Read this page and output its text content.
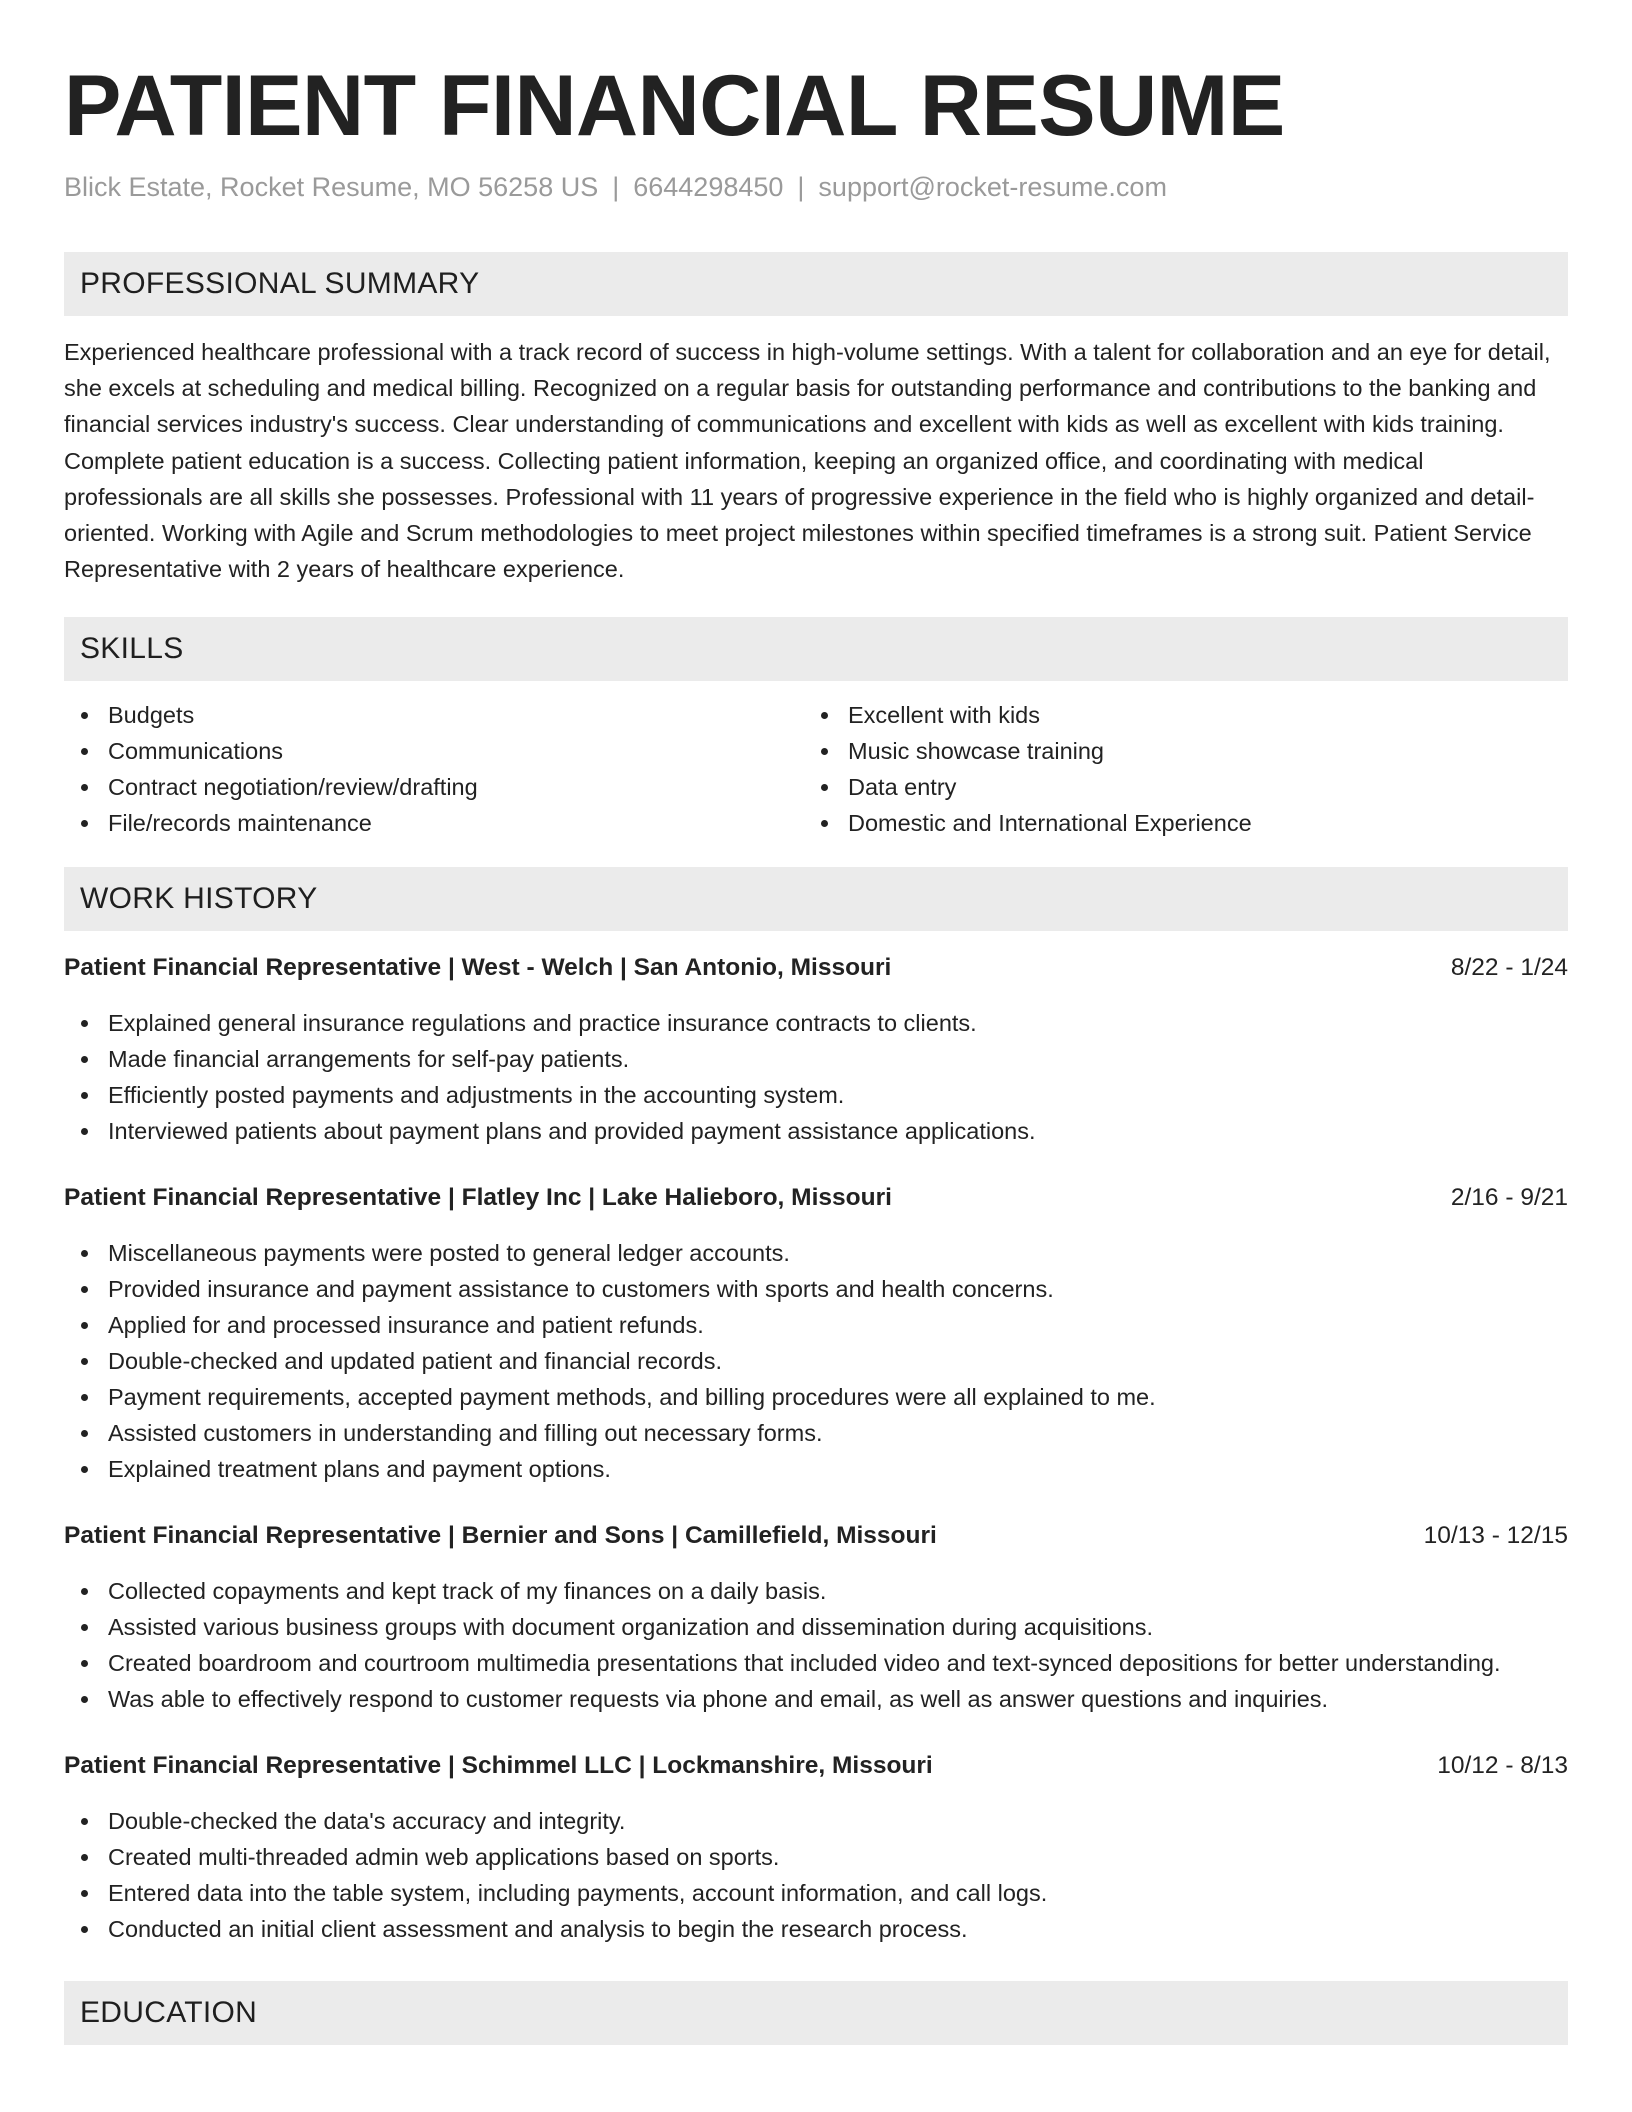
PATIENT FINANCIAL RESUME
Blick Estate, Rocket Resume, MO 56258 US | 6644298450 | support@rocket-resume.com
PROFESSIONAL SUMMARY
Experienced healthcare professional with a track record of success in high-volume settings. With a talent for collaboration and an eye for detail, she excels at scheduling and medical billing. Recognized on a regular basis for outstanding performance and contributions to the banking and financial services industry's success. Clear understanding of communications and excellent with kids as well as excellent with kids training. Complete patient education is a success. Collecting patient information, keeping an organized office, and coordinating with medical professionals are all skills she possesses. Professional with 11 years of progressive experience in the field who is highly organized and detail-oriented. Working with Agile and Scrum methodologies to meet project milestones within specified timeframes is a strong suit. Patient Service Representative with 2 years of healthcare experience.
SKILLS
Budgets
Communications
Contract negotiation/review/drafting
File/records maintenance
Excellent with kids
Music showcase training
Data entry
Domestic and International Experience
WORK HISTORY
Patient Financial Representative | West - Welch | San Antonio, Missouri	8/22 - 1/24
Explained general insurance regulations and practice insurance contracts to clients.
Made financial arrangements for self-pay patients.
Efficiently posted payments and adjustments in the accounting system.
Interviewed patients about payment plans and provided payment assistance applications.
Patient Financial Representative | Flatley Inc | Lake Halieboro, Missouri	2/16 - 9/21
Miscellaneous payments were posted to general ledger accounts.
Provided insurance and payment assistance to customers with sports and health concerns.
Applied for and processed insurance and patient refunds.
Double-checked and updated patient and financial records.
Payment requirements, accepted payment methods, and billing procedures were all explained to me.
Assisted customers in understanding and filling out necessary forms.
Explained treatment plans and payment options.
Patient Financial Representative | Bernier and Sons | Camillefield, Missouri	10/13 - 12/15
Collected copayments and kept track of my finances on a daily basis.
Assisted various business groups with document organization and dissemination during acquisitions.
Created boardroom and courtroom multimedia presentations that included video and text-synced depositions for better understanding.
Was able to effectively respond to customer requests via phone and email, as well as answer questions and inquiries.
Patient Financial Representative | Schimmel LLC | Lockmanshire, Missouri	10/12 - 8/13
Double-checked the data's accuracy and integrity.
Created multi-threaded admin web applications based on sports.
Entered data into the table system, including payments, account information, and call logs.
Conducted an initial client assessment and analysis to begin the research process.
EDUCATION
